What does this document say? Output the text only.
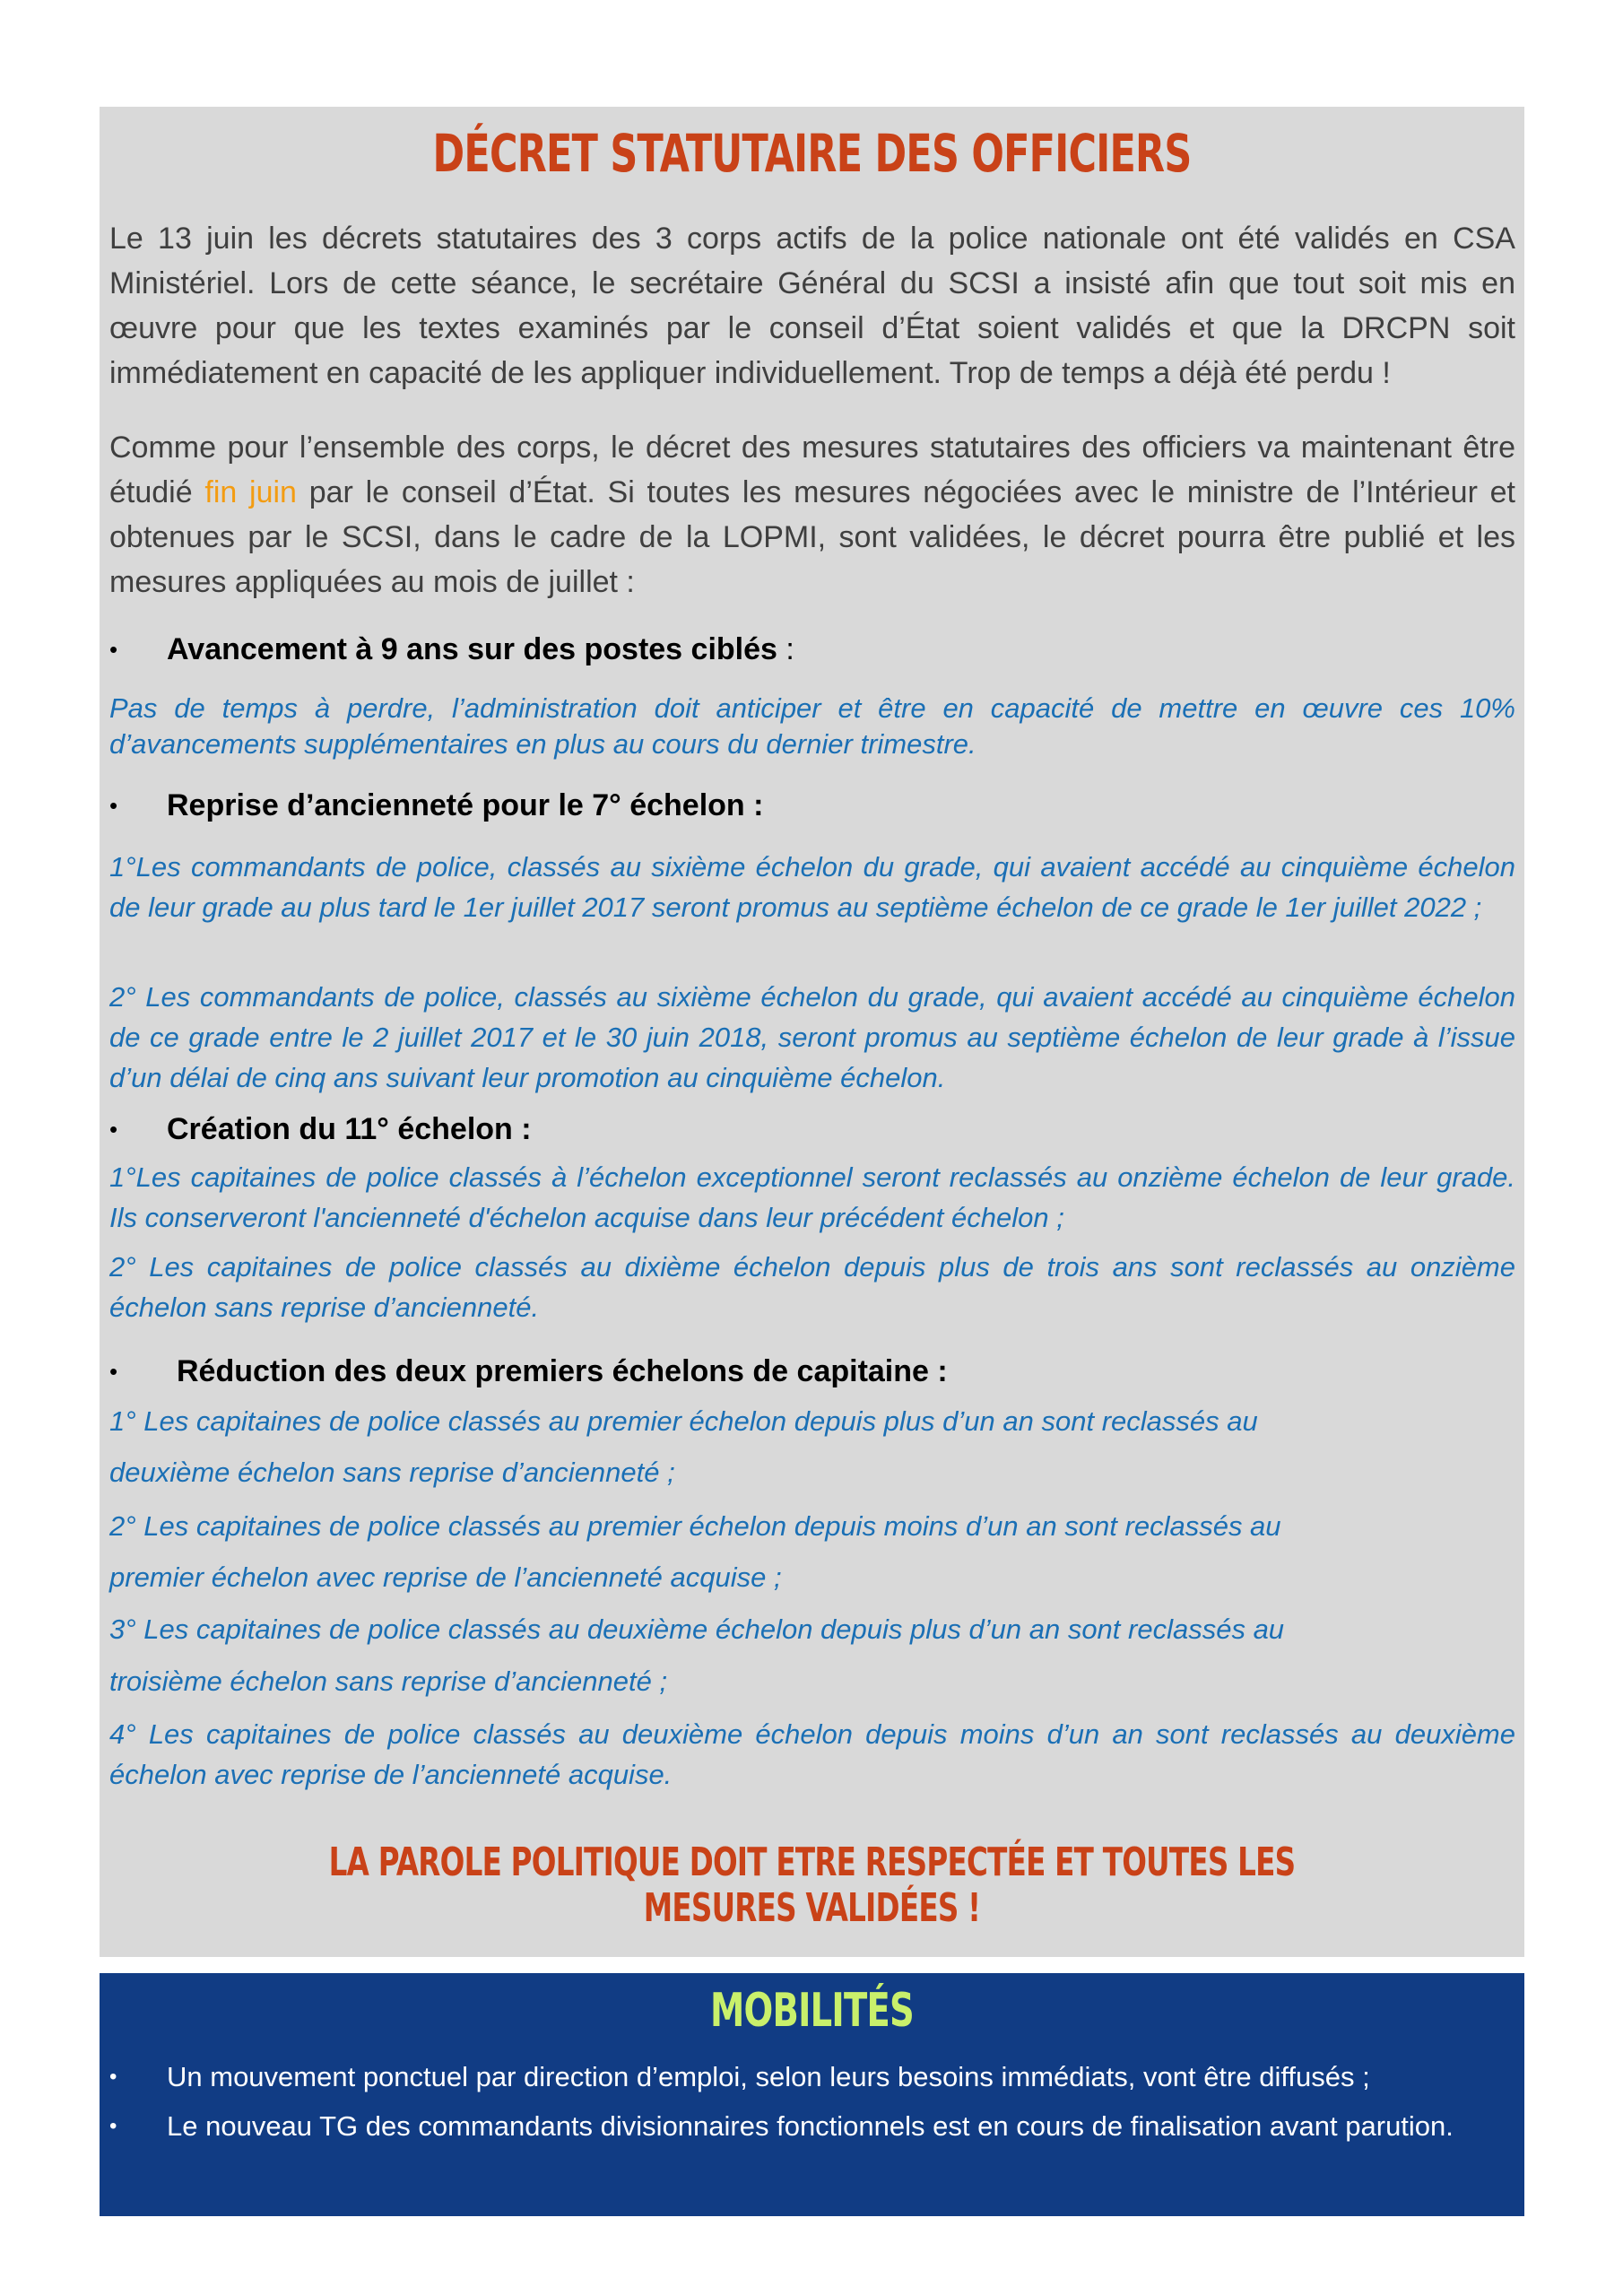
DÉCRET STATUTAIRE DES OFFICIERS

Le 13 juin les décrets statutaires des 3 corps actifs de la police nationale ont été validés en CSA Ministériel. Lors de cette séance, le secrétaire Général du SCSI a insisté afin que tout soit mis en œuvre pour que les textes examinés par le conseil d’État soient validés et que la DRCPN soit immédiatement en capacité de les appliquer individuellement. Trop de temps a déjà été perdu !

Comme pour l’ensemble des corps, le décret des mesures statutaires des officiers va maintenant être étudié fin juin par le conseil d’État. Si toutes les mesures négociées avec le ministre de l’Intérieur et obtenues par le SCSI, dans le cadre de la LOPMI, sont validées, le décret pourra être publié et les mesures appliquées au mois de juillet :

•	Avancement à 9 ans sur des postes ciblés :

Pas de temps à perdre, l’administration doit anticiper et être en capacité de mettre en œuvre ces 10% d’avancements supplémentaires en plus au cours du dernier trimestre.

•	Reprise d’ancienneté pour le 7° échelon :

1°Les commandants de police, classés au sixième échelon du grade, qui avaient accédé au cinquième échelon de leur grade au plus tard le 1er juillet 2017 seront promus au septième échelon de ce grade le 1er juillet 2022 ;

2° Les commandants de police, classés au sixième échelon du grade, qui avaient accédé au cinquième échelon de ce grade entre le 2 juillet 2017 et le 30 juin 2018, seront promus au septième échelon de leur grade à l’issue d’un délai de cinq ans suivant leur promotion au cinquième échelon.

•	Création du 11° échelon :

1°Les capitaines de police classés à l’échelon exceptionnel seront reclassés au onzième échelon de leur grade. Ils conserveront l'ancienneté d'échelon acquise dans leur précédent échelon ;

2° Les capitaines de police classés au dixième échelon depuis plus de trois ans sont reclassés au onzième échelon sans reprise d’ancienneté.

•	Réduction des deux premiers échelons de capitaine :
1° Les capitaines de police classés au premier échelon depuis plus d’un an sont reclassés au
deuxième échelon sans reprise d’ancienneté ;
2° Les capitaines de police classés au premier échelon depuis moins d’un an sont reclassés au
premier échelon avec reprise de l’ancienneté acquise ;
3° Les capitaines de police classés au deuxième échelon depuis plus d’un an sont reclassés au
troisième échelon sans reprise d’ancienneté ;

4° Les capitaines de police classés au deuxième échelon depuis moins d’un an sont reclassés au deuxième échelon avec reprise de l’ancienneté acquise.

LA PAROLE POLITIQUE DOIT ETRE RESPECTÉE ET TOUTES LES MESURES VALIDÉES !
MOBILITÉS
•	Un mouvement ponctuel par direction d’emploi, selon leurs besoins immédiats, vont être diffusés ;
•	Le nouveau TG des commandants divisionnaires fonctionnels est en cours de finalisation avant parution.
